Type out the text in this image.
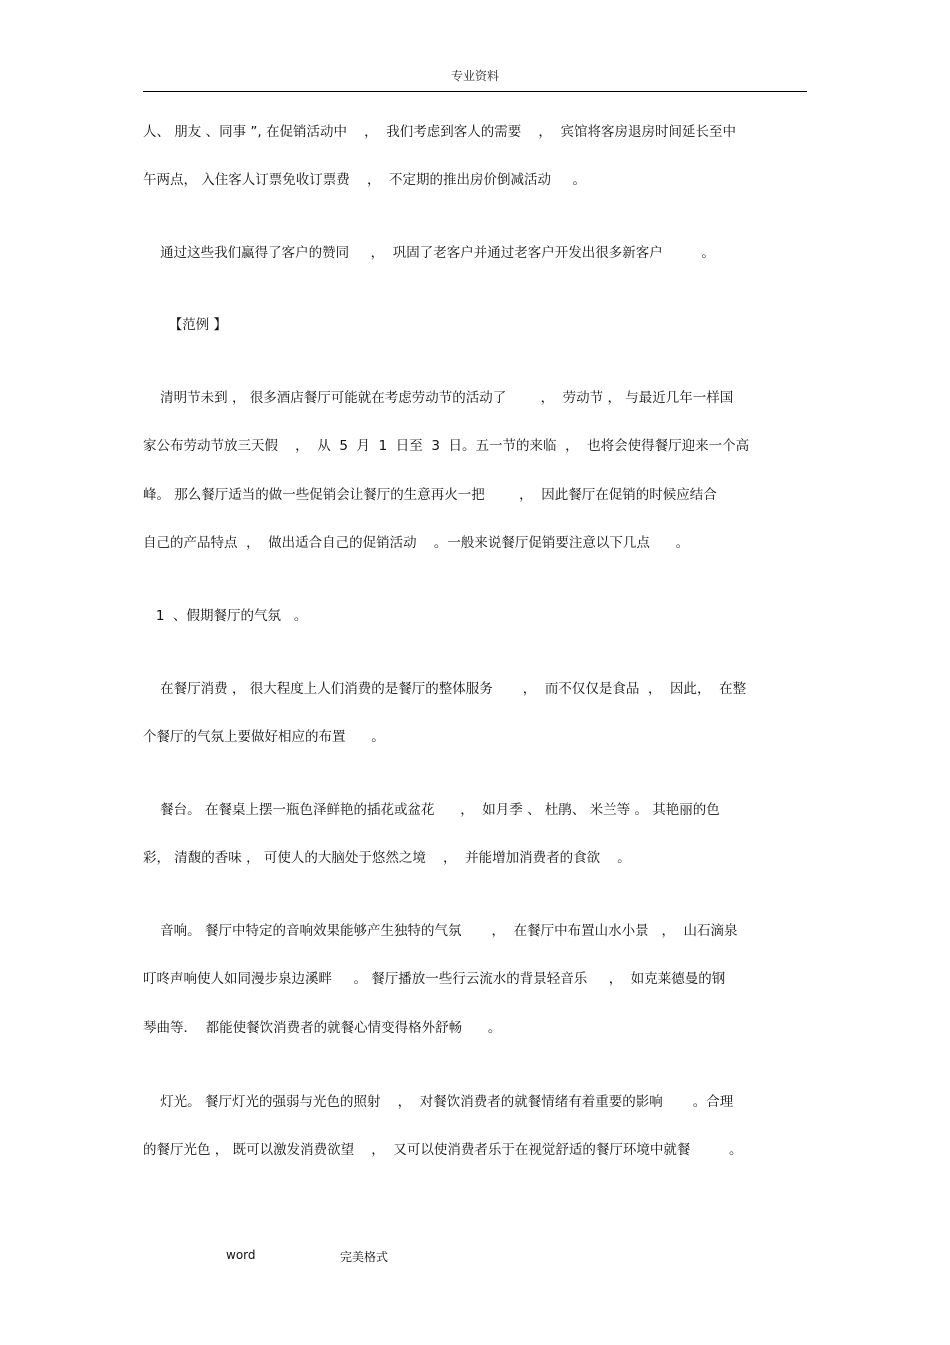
专业资料
人、 朋友 、同事 ”, 在促销活动中    ，  我们考虑到客人的需要    ，  宾馆将客房退房时间延长至中
午两点， 入住客人订票免收订票费    ，  不定期的推出房价倒减活动     。
通过这些我们赢得了客户的赞同     ，  巩固了老客户并通过老客户开发出很多新客户         。
【范例 】
清明节未到 ， 很多酒店餐厅可能就在考虑劳动节的活动了        ，  劳动节 ， 与最近几年一样国
家公布劳动节放三天假    ，  从  5  月  1  日至  3  日。五一节的来临  ，  也将会使得餐厅迎来一个高
峰。 那么餐厅适当的做一些促销会让餐厅的生意再火一把        ，  因此餐厅在促销的时候应结合
自己的产品特点  ，  做出适合自己的促销活动    。一般来说餐厅促销要注意以下几点      。
1  、假期餐厅的气氛   。
在餐厅消费 ， 很大程度上人们消费的是餐厅的整体服务       ，  而不仅仅是食品  ，  因此，  在整
个餐厅的气氛上要做好相应的布置      。
餐台。 在餐桌上摆一瓶色泽鲜艳的插花或盆花      ，  如月季 、 杜鹃、 米兰等 。 其艳丽的色
彩， 清馥的香味 ， 可使人的大脑处于悠然之境    ，  并能增加消费者的食欲    。
音响。 餐厅中特定的音响效果能够产生独特的气氛       ，  在餐厅中布置山水小景   ，  山石滴泉
叮咚声响使人如同漫步泉边溪畔     。 餐厅播放一些行云流水的背景轻音乐     ，  如克莱德曼的钢
琴曲等．  都能使餐饮消费者的就餐心情变得格外舒畅      。
灯光。 餐厅灯光的强弱与光色的照射    ，  对餐饮消费者的就餐情绪有着重要的影响       。合理
的餐厅光色 ， 既可以激发消费欲望    ，  又可以使消费者乐于在视觉舒适的餐厅环境中就餐         。
word	完美格式
